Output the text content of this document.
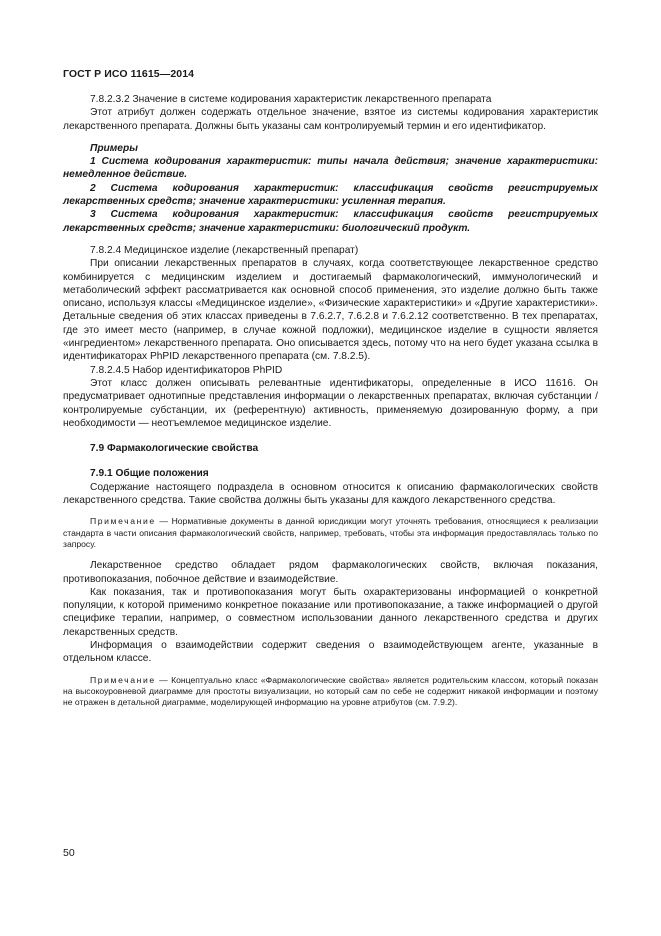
ГОСТ Р ИСО 11615—2014

7.8.2.3.2 Значение в системе кодирования характеристик лекарственного препарата

Этот атрибут должен содержать отдельное значение, взятое из системы кодирования характеристик лекарственного препарата. Должны быть указаны сам контролируемый термин и его идентификатор.

Примеры

1 Система кодирования характеристик: типы начала действия; значение характеристики: немедленное действие.

2 Система кодирования характеристик: классификация свойств регистрируемых лекарственных средств; значение характеристики: усиленная терапия.

3 Система кодирования характеристик: классификация свойств регистрируемых лекарственных средств; значение характеристики: биологический продукт.

7.8.2.4 Медицинское изделие (лекарственный препарат)

При описании лекарственных препаратов в случаях, когда соответствующее лекарственное средство комбинируется с медицинским изделием и достигаемый фармакологический, иммунологический и метаболический эффект рассматривается как основной способ применения, это изделие должно быть также описано, используя классы «Медицинское изделие», «Физические характеристики» и «Другие характеристики». Детальные сведения об этих классах приведены в 7.6.2.7, 7.6.2.8 и 7.6.2.12 соответственно. В тех препаратах, где это имеет место (например, в случае кожной подложки), медицинское изделие в сущности является «ингредиентом» лекарственного препарата. Оно описывается здесь, потому что на него будет указана ссылка в идентификаторах PhPID лекарственного препарата (см. 7.8.2.5).

7.8.2.4.5 Набор идентификаторов PhPID

Этот класс должен описывать релевантные идентификаторы, определенные в ИСО 11616. Он предусматривает однотипные представления информации о лекарственных препаратах, включая субстанции / контролируемые субстанции, их (референтную) активность, применяемую дозированную форму, а при необходимости — неотъемлемое медицинское изделие.

7.9 Фармакологические свойства

7.9.1 Общие положения

Содержание настоящего подраздела в основном относится к описанию фармакологических свойств лекарственного средства. Такие свойства должны быть указаны для каждого лекарственного средства.

Примечание — Нормативные документы в данной юрисдикции могут уточнять требования, относящиеся к реализации стандарта в части описания фармакологический свойств, например, требовать, чтобы эта информация предоставлялась только по запросу.

Лекарственное средство обладает рядом фармакологических свойств, включая показания, противопоказания, побочное действие и взаимодействие.

Как показания, так и противопоказания могут быть охарактеризованы информацией о конкретной популяции, к которой применимо конкретное показание или противопоказание, а также информацией о другой специфике терапии, например, о совместном использовании данного лекарственного средства и других лекарственных средств.

Информация о взаимодействии содержит сведения о взаимодействующем агенте, указанные в отдельном классе.

Примечание — Концептуально класс «Фармакологические свойства» является родительским классом, который показан на высокоуровневой диаграмме для простоты визуализации, но который сам по себе не содержит никакой информации и поэтому не отражен в детальной диаграмме, моделирующей информацию на уровне атрибутов (см. 7.9.2).

50
